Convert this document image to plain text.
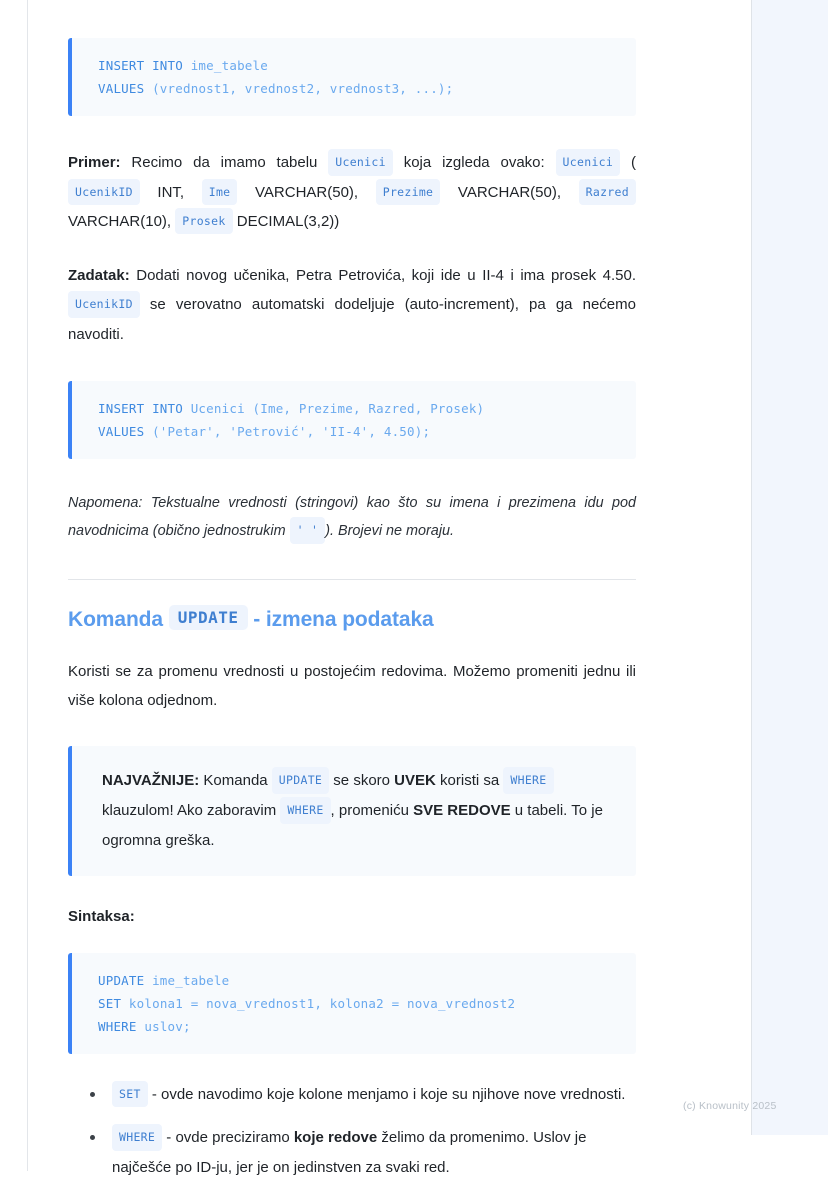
INSERT INTO ime_tabele
VALUES (vrednost1, vrednost2, vrednost3, ...);

Primer: Recimo da imamo tabelu Ucenici koja izgleda ovako: Ucenici ( UcenikID INT, Ime VARCHAR(50), Prezime VARCHAR(50), Razred VARCHAR(10), Prosek DECIMAL(3,2))

Zadatak: Dodati novog učenika, Petra Petrovića, koji ide u II-4 i ima prosek 4.50. UcenikID se verovatno automatski dodeljuje (auto-increment), pa ga nećemo navoditi.

INSERT INTO Ucenici (Ime, Prezime, Razred, Prosek)
VALUES ('Petar', 'Petrović', 'II-4', 4.50);

Napomena: Tekstualne vrednosti (stringovi) kao što su imena i prezimena idu pod navodnicima (obično jednostrukim ' ' ). Brojevi ne moraju.

Komanda UPDATE - izmena podataka

Koristi se za promenu vrednosti u postojećim redovima. Možemo promeniti jednu ili više kolona odjednom.

NAJVAŽNIJE: Komanda UPDATE se skoro UVEK koristi sa WHERE klauzulom! Ako zaboravim WHERE , promeniću SVE REDOVE u tabeli. To je ogromna greška.

Sintaksa:

UPDATE ime_tabele
SET kolona1 = nova_vrednost1, kolona2 = nova_vrednost2
WHERE uslov;
SET - ovde navodimo koje kolone menjamo i koje su njihove nove vrednosti.
WHERE - ovde preciziramo koje redove želimo da promenimo. Uslov je najčešće po ID-ju, jer je on jedinstven za svaki red.
(c) Knowunity 2025
